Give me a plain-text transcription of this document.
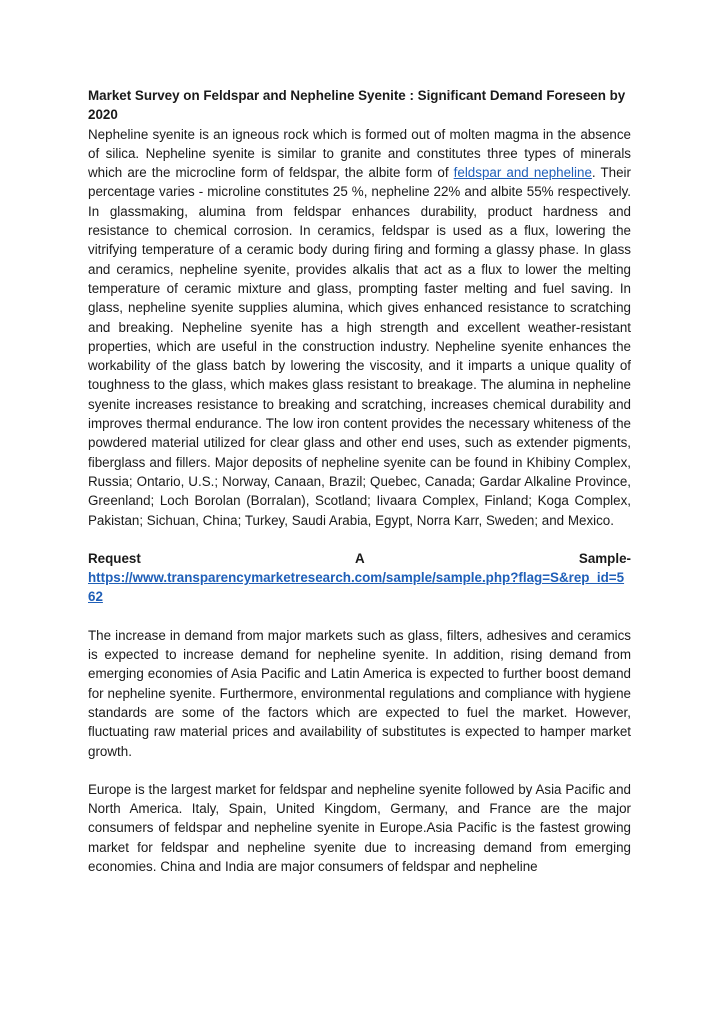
Market Survey on Feldspar and Nepheline Syenite : Significant Demand Foreseen by 2020

Nepheline syenite is an igneous rock which is formed out of molten magma in the absence of silica. Nepheline syenite is similar to granite and constitutes three types of minerals which are the microcline form of feldspar, the albite form of feldspar and nepheline. Their percentage varies - microline constitutes 25 %, nepheline 22% and albite 55% respectively. In glassmaking, alumina from feldspar enhances durability, product hardness and resistance to chemical corrosion. In ceramics, feldspar is used as a flux, lowering the vitrifying temperature of a ceramic body during firing and forming a glassy phase. In glass and ceramics, nepheline syenite, provides alkalis that act as a flux to lower the melting temperature of ceramic mixture and glass, prompting faster melting and fuel saving. In glass, nepheline syenite supplies alumina, which gives enhanced resistance to scratching and breaking. Nepheline syenite has a high strength and excellent weather-resistant properties, which are useful in the construction industry. Nepheline syenite enhances the workability of the glass batch by lowering the viscosity, and it imparts a unique quality of toughness to the glass, which makes glass resistant to breakage. The alumina in nepheline syenite increases resistance to breaking and scratching, increases chemical durability and improves thermal endurance. The low iron content provides the necessary whiteness of the powdered material utilized for clear glass and other end uses, such as extender pigments, fiberglass and fillers. Major deposits of nepheline syenite can be found in Khibiny Complex, Russia; Ontario, U.S.; Norway, Canaan, Brazil; Quebec, Canada; Gardar Alkaline Province, Greenland; Loch Borolan (Borralan), Scotland; Iivaara Complex, Finland; Koga Complex, Pakistan; Sichuan, China; Turkey, Saudi Arabia, Egypt, Norra Karr, Sweden; and Mexico.

Request	A	Sample-
https://www.transparencymarketresearch.com/sample/sample.php?flag=S&rep_id=562

The increase in demand from major markets such as glass, filters, adhesives and ceramics is expected to increase demand for nepheline syenite. In addition, rising demand from emerging economies of Asia Pacific and Latin America is expected to further boost demand for nepheline syenite. Furthermore, environmental regulations and compliance with hygiene standards are some of the factors which are expected to fuel the market. However, fluctuating raw material prices and availability of substitutes is expected to hamper market growth.

Europe is the largest market for feldspar and nepheline syenite followed by Asia Pacific and North America. Italy, Spain, United Kingdom, Germany, and France are the major consumers of feldspar and nepheline syenite in Europe.Asia Pacific is the fastest growing market for feldspar and nepheline syenite due to increasing demand from emerging economies. China and India are major consumers of feldspar and nepheline
